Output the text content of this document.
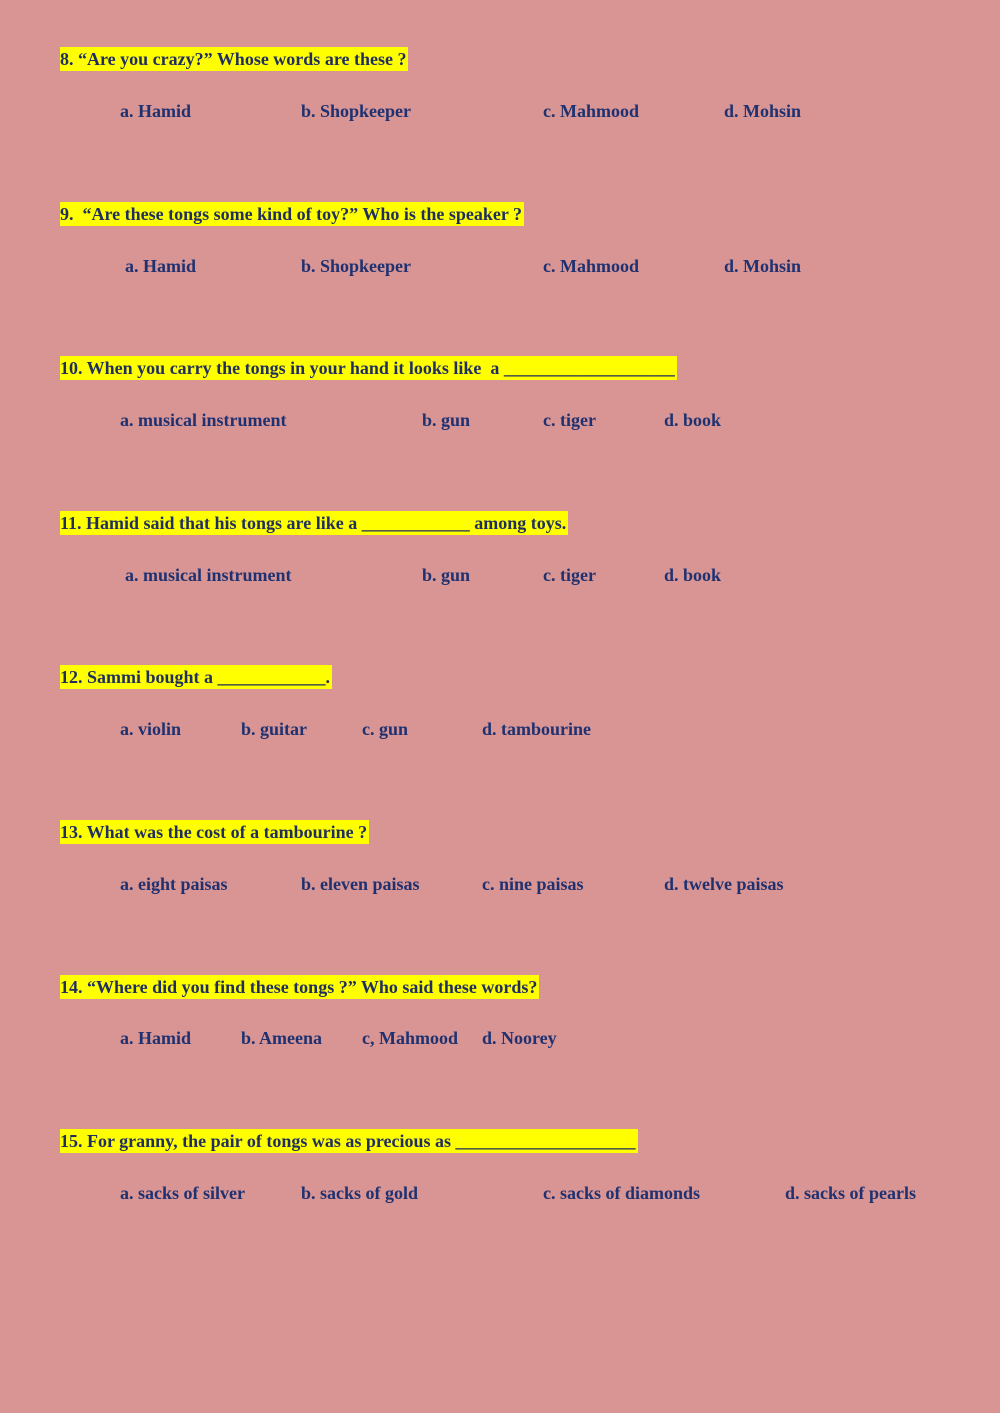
8. “Are you crazy?” Whose words are these ?

a. Hamid	b. Shopkeeper	c. Mahmood	d. Mohsin

9.  “Are these tongs some kind of toy?” Who is the speaker ?

a. Hamid	b. Shopkeeper	c. Mahmood	d. Mohsin

10. When you carry the tongs in your hand it looks like  a ___________________

a. musical instrument	b. gun	c. tiger	d. book

11. Hamid said that his tongs are like a ____________ among toys.

a. musical instrument	b. gun	c. tiger	d. book

12. Sammi bought a ____________.

a. violin	b. guitar	c. gun	d. tambourine

13. What was the cost of a tambourine ?

a. eight paisas	b. eleven paisas	c. nine paisas	d. twelve paisas

14. “Where did you find these tongs ?” Who said these words?

a. Hamid	b. Ameena c, Mahmood d. Noorey

15. For granny, the pair of tongs was as precious as ____________________

a. sacks of silver	b. sacks of gold	c. sacks of diamonds	d. sacks of pearls
